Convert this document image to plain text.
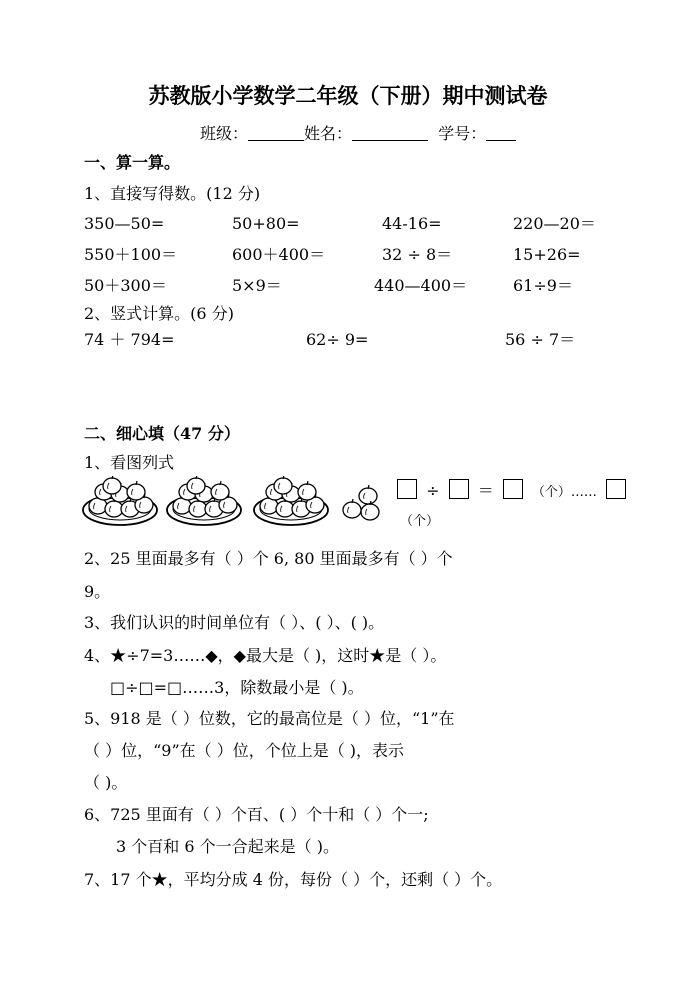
苏教版小学数学二年级（下册）期中测试卷
班级：	姓名：	学号：
一、算一算。
1、直接写得数。(12 分)
350—50=	50+80=	44-16=	220—20＝
550＋100＝	600＋400＝	32 ÷ 8＝	15+26=
50＋300＝	5×9＝	440—400＝	61÷9＝
2、竖式计算。(6 分)
74 ＋ 794=	62÷ 9=	56 ÷ 7＝
二、细心填（47 分）
1、看图列式
÷ ＝	（个）……
（个）
2、25 里面最多有（ ）个 6, 80 里面最多有（ ）个
9。
3、我们认识的时间单位有（ ）、( ）、( )。
4、★÷7=3……◆，◆最大是（ )，这时★是（ ）。
□÷□=□……3，除数最小是（ )。
5、918 是（ ）位数，它的最高位是（ ）位，“1”在
（ ）位，“9”在（ ）位，个位上是（ )，表示
（ )。
6、725 里面有（ ）个百、( ）个十和（ ）个一;
3 个百和 6 个一合起来是（ )。
7、17 个★，平均分成 4 份，每份（ ）个，还剩（ ）个。
